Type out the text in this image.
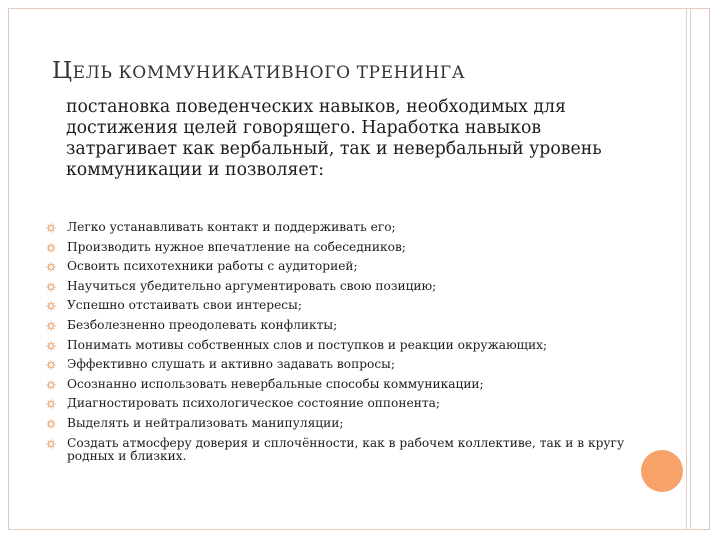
ЦЕЛЬ КОММУНИКАТИВНОГО ТРЕНИНГА

постановка поведенческих навыков, необходимых для достижения целей говорящего. Наработка навыков затрагивает как вербальный, так и невербальный уровень коммуникации и позволяет:

Легко устанавливать контакт и поддерживать его;
Производить нужное впечатление на собеседников;
Освоить психотехники работы с аудиторией;
Научиться убедительно аргументировать свою позицию;
Успешно отстаивать свои интересы;
Безболезненно преодолевать конфликты;
Понимать мотивы собственных слов и поступков и реакции окружающих;
Эффективно слушать и активно задавать вопросы;
Осознанно использовать невербальные способы коммуникации;
Диагностировать психологическое состояние оппонента;
Выделять и нейтрализовать манипуляции;
Создать атмосферу доверия и сплочённости, как в рабочем коллективе, так и в кругу родных и близких.
